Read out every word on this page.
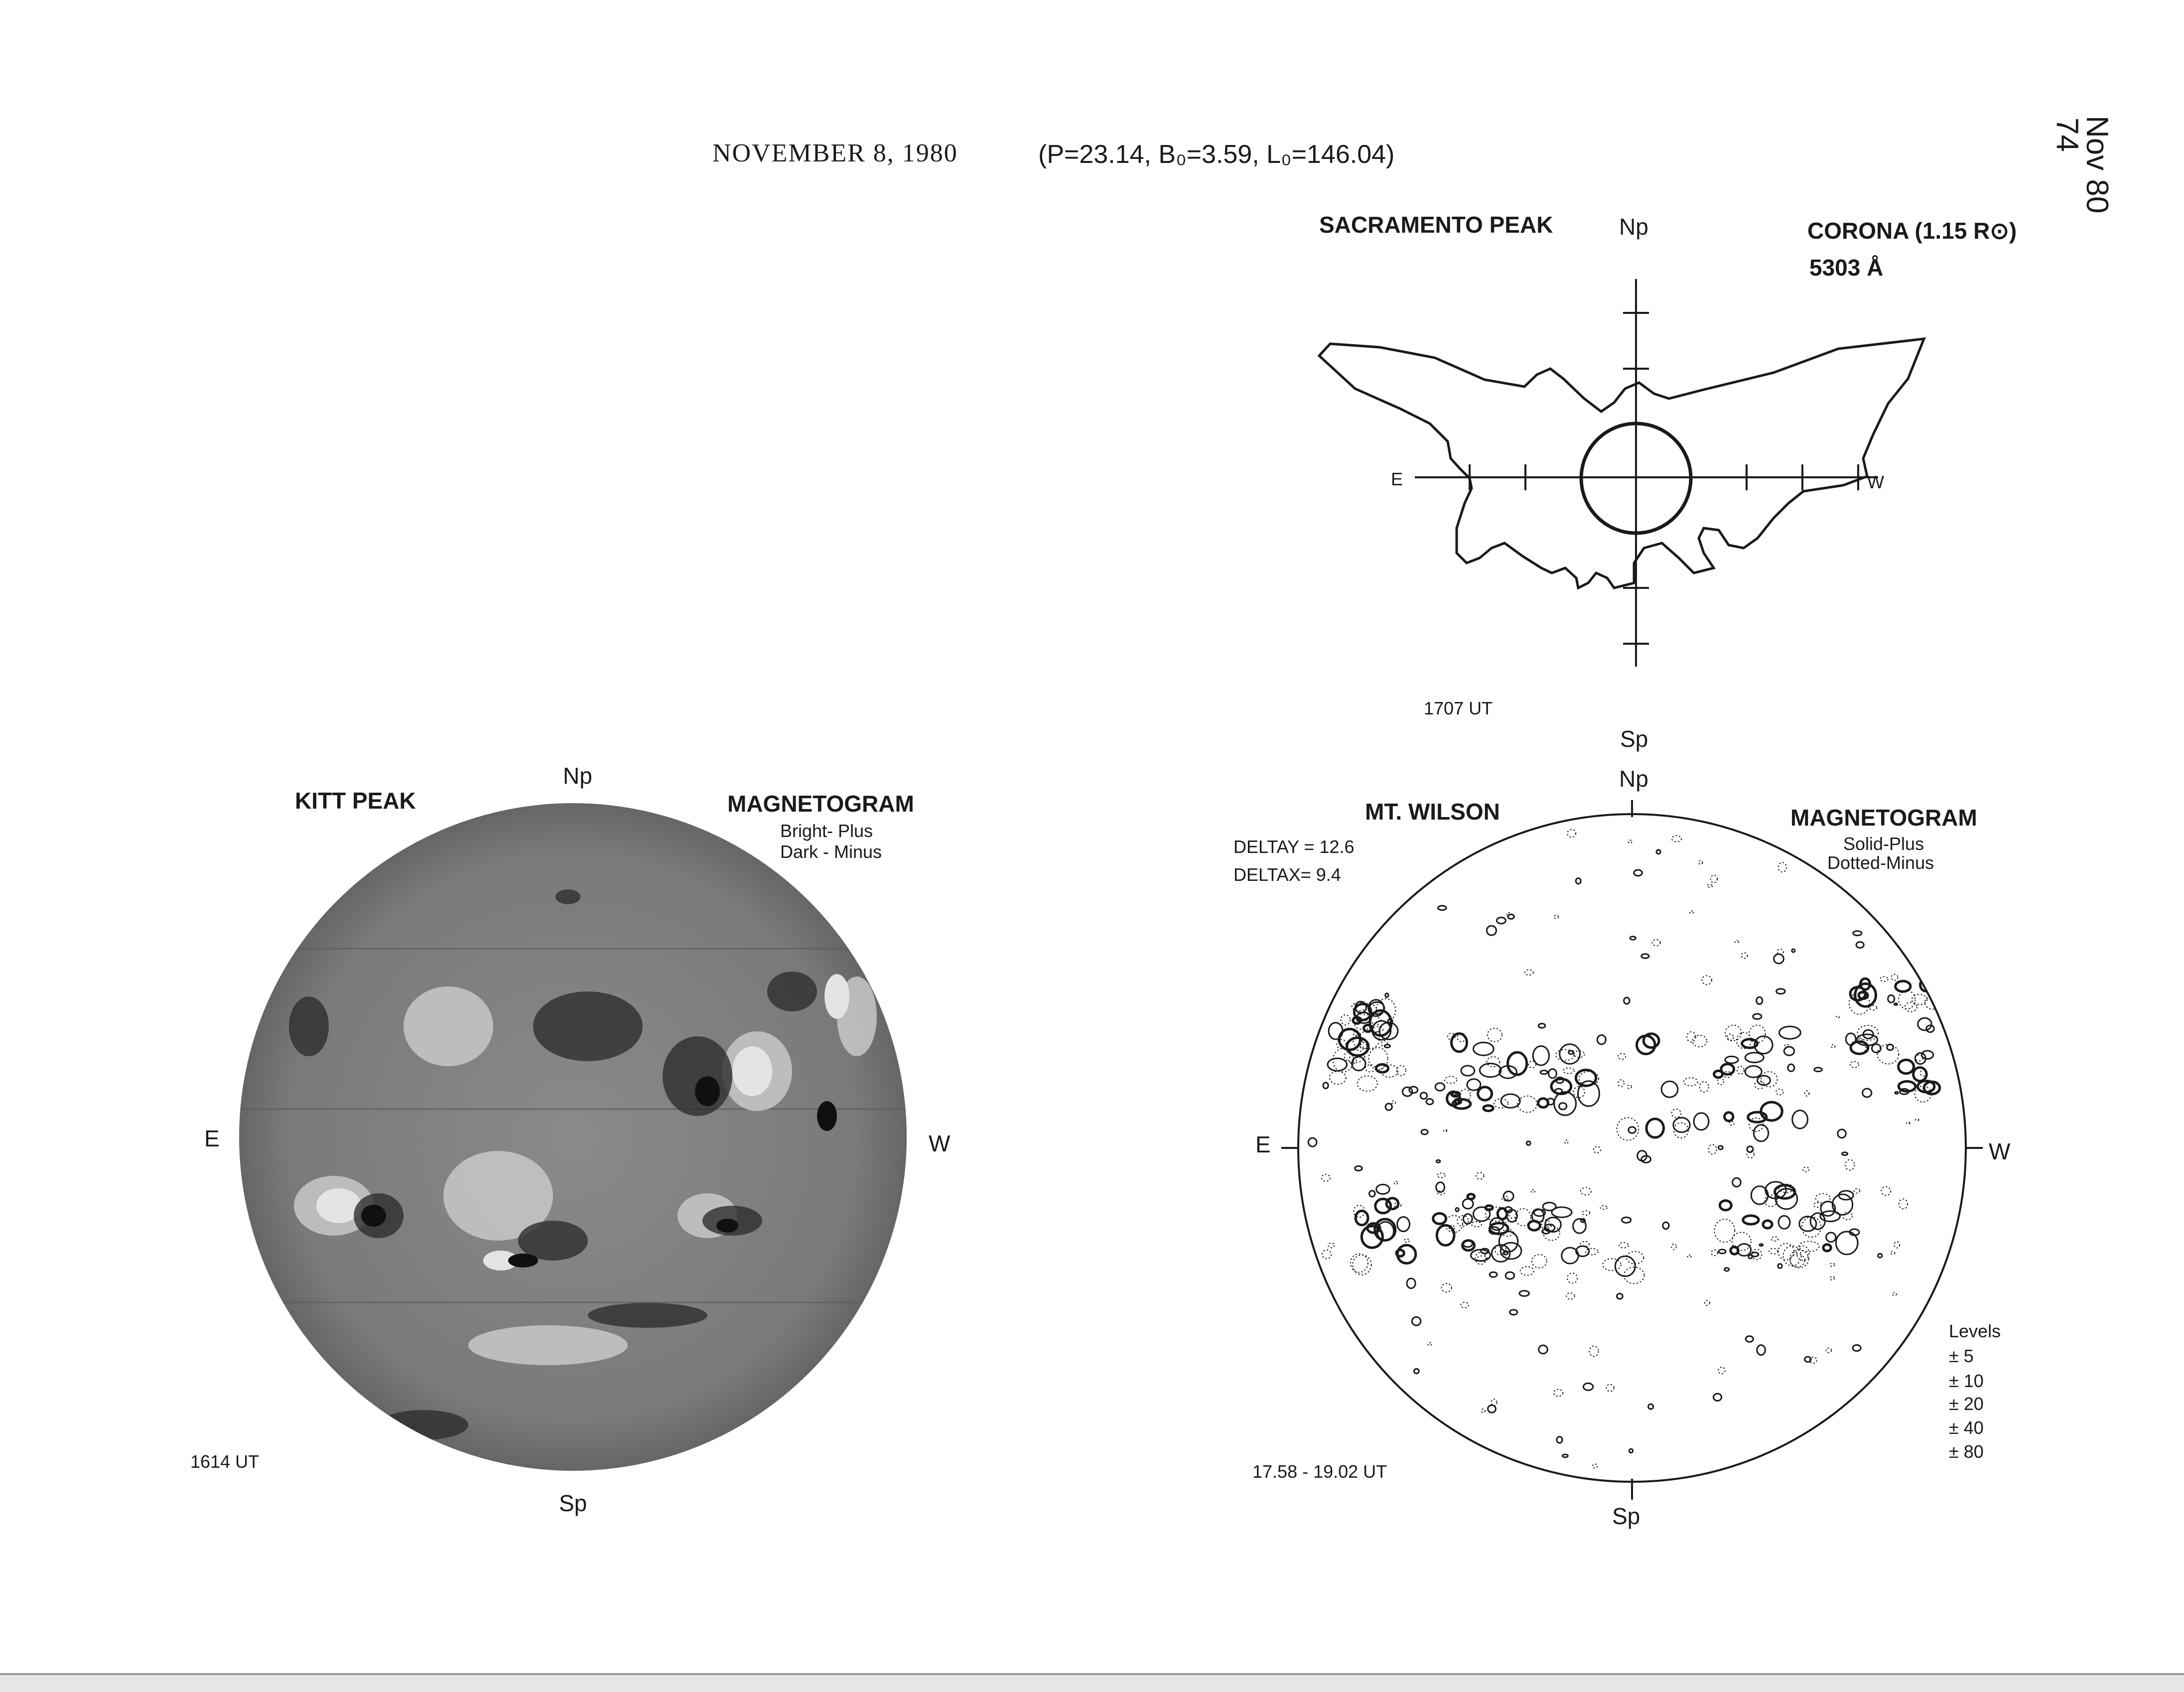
NOVEMBER 8, 1980	(P=23.14, B₀=3.59, L₀=146.04)
74
Nov 80
SACRAMENTO PEAK	Np	CORONA (1.15 R⊙)
5303 Å
E	W
1707 UT
Sp
KITT PEAK
Np
MAGNETOGRAM
Bright- Plus
Dark - Minus
E	W
1614 UT
Sp
MT. WILSON
Np
MAGNETOGRAM
Solid-Plus
Dotted-Minus
DELTAY = 12.6
DELTAX= 9.4
E	W
17.58 - 19.02 UT
Sp
Levels
± 5
± 10
± 20
± 40
± 80
